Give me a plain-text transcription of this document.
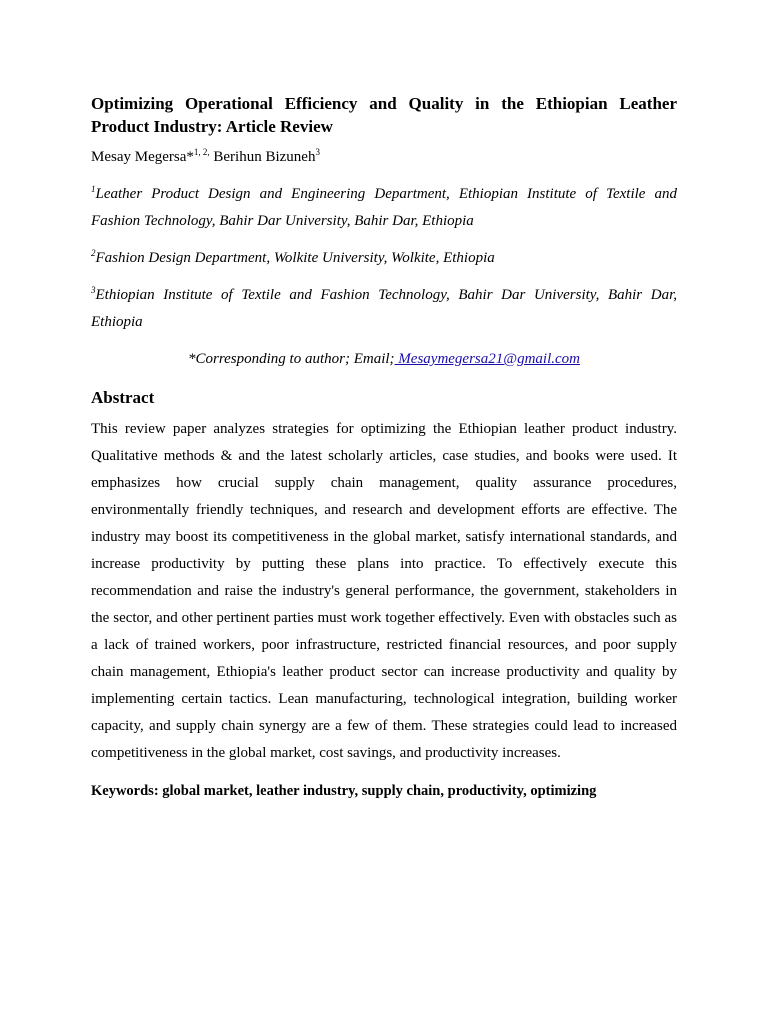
Optimizing Operational Efficiency and Quality in the Ethiopian Leather
Product Industry: Article Review
Mesay Megersa*$^{1, 2,}$ Berihun Bizuneh$^3$
$^1$Leather Product Design and Engineering Department, Ethiopian Institute of Textile and
Fashion Technology, Bahir Dar University, Bahir Dar, Ethiopia
$^2$Fashion Design Department, Wolkite University, Wolkite, Ethiopia
$^3$Ethiopian Institute of Textile and Fashion Technology, Bahir Dar University, Bahir Dar,
Ethiopia
*Corresponding to author; Email; Mesaymegersa21@gmail.com
Abstract
This review paper analyzes strategies for optimizing the Ethiopian leather product industry.
Qualitative methods & and the latest scholarly articles, case studies, and books were used. It
emphasizes how crucial supply chain management, quality assurance procedures,
environmentally friendly techniques, and research and development efforts are effective. The
industry may boost its competitiveness in the global market, satisfy international standards, and
increase productivity by putting these plans into practice. To effectively execute this
recommendation and raise the industry's general performance, the government, stakeholders in
the sector, and other pertinent parties must work together effectively. Even with obstacles such as
a lack of trained workers, poor infrastructure, restricted financial resources, and poor supply
chain management, Ethiopia's leather product sector can increase productivity and quality by
implementing certain tactics. Lean manufacturing, technological integration, building worker
capacity, and supply chain synergy are a few of them. These strategies could lead to increased
competitiveness in the global market, cost savings, and productivity increases.
Keywords: global market, leather industry, supply chain, productivity, optimizing
